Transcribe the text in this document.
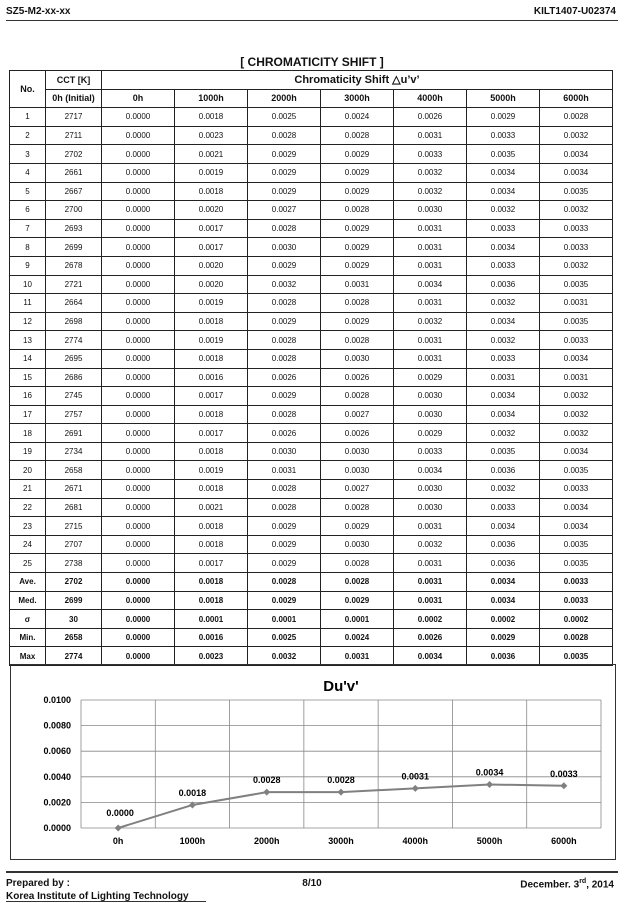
SZ5-M2-xx-xx	KILT1407-U02374
[ CHROMATICITY SHIFT ]
No.	CCT [K]	Chromaticity Shift △u’v’						
	0h (Initial)	0h	1000h	2000h	3000h	4000h	5000h	6000h
1	2717	0.0000	0.0018	0.0025	0.0024	0.0026	0.0029	0.0028
2	2711	0.0000	0.0023	0.0028	0.0028	0.0031	0.0033	0.0032
3	2702	0.0000	0.0021	0.0029	0.0029	0.0033	0.0035	0.0034
4	2661	0.0000	0.0019	0.0029	0.0029	0.0032	0.0034	0.0034
5	2667	0.0000	0.0018	0.0029	0.0029	0.0032	0.0034	0.0035
6	2700	0.0000	0.0020	0.0027	0.0028	0.0030	0.0032	0.0032
7	2693	0.0000	0.0017	0.0028	0.0029	0.0031	0.0033	0.0033
8	2699	0.0000	0.0017	0.0030	0.0029	0.0031	0.0034	0.0033
9	2678	0.0000	0.0020	0.0029	0.0029	0.0031	0.0033	0.0032
10	2721	0.0000	0.0020	0.0032	0.0031	0.0034	0.0036	0.0035
11	2664	0.0000	0.0019	0.0028	0.0028	0.0031	0.0032	0.0031
12	2698	0.0000	0.0018	0.0029	0.0029	0.0032	0.0034	0.0035
13	2774	0.0000	0.0019	0.0028	0.0028	0.0031	0.0032	0.0033
14	2695	0.0000	0.0018	0.0028	0.0030	0.0031	0.0033	0.0034
15	2686	0.0000	0.0016	0.0026	0.0026	0.0029	0.0031	0.0031
16	2745	0.0000	0.0017	0.0029	0.0028	0.0030	0.0034	0.0032
17	2757	0.0000	0.0018	0.0028	0.0027	0.0030	0.0034	0.0032
18	2691	0.0000	0.0017	0.0026	0.0026	0.0029	0.0032	0.0032
19	2734	0.0000	0.0018	0.0030	0.0030	0.0033	0.0035	0.0034
20	2658	0.0000	0.0019	0.0031	0.0030	0.0034	0.0036	0.0035
21	2671	0.0000	0.0018	0.0028	0.0027	0.0030	0.0032	0.0033
22	2681	0.0000	0.0021	0.0028	0.0028	0.0030	0.0033	0.0034
23	2715	0.0000	0.0018	0.0029	0.0029	0.0031	0.0034	0.0034
24	2707	0.0000	0.0018	0.0029	0.0030	0.0032	0.0036	0.0035
25	2738	0.0000	0.0017	0.0029	0.0028	0.0031	0.0036	0.0035
Ave.	2702	0.0000	0.0018	0.0028	0.0028	0.0031	0.0034	0.0033
Med.	2699	0.0000	0.0018	0.0029	0.0029	0.0031	0.0034	0.0033
σ	30	0.0000	0.0001	0.0001	0.0001	0.0002	0.0002	0.0002
Min.	2658	0.0000	0.0016	0.0025	0.0024	0.0026	0.0029	0.0028
Max	2774	0.0000	0.0023	0.0032	0.0031	0.0034	0.0036	0.0035
Du'v'
0.0000
0.0020
0.0040
0.0060
0.0080
0.0100
0h	1000h	2000h	3000h	4000h	5000h	6000h
0.0000
0.0018
0.0028	0.0028	0.0031	0.0034	0.0033
Prepared by :
Korea Institute of Lighting Technology
8/10	December. 3rd, 2014
